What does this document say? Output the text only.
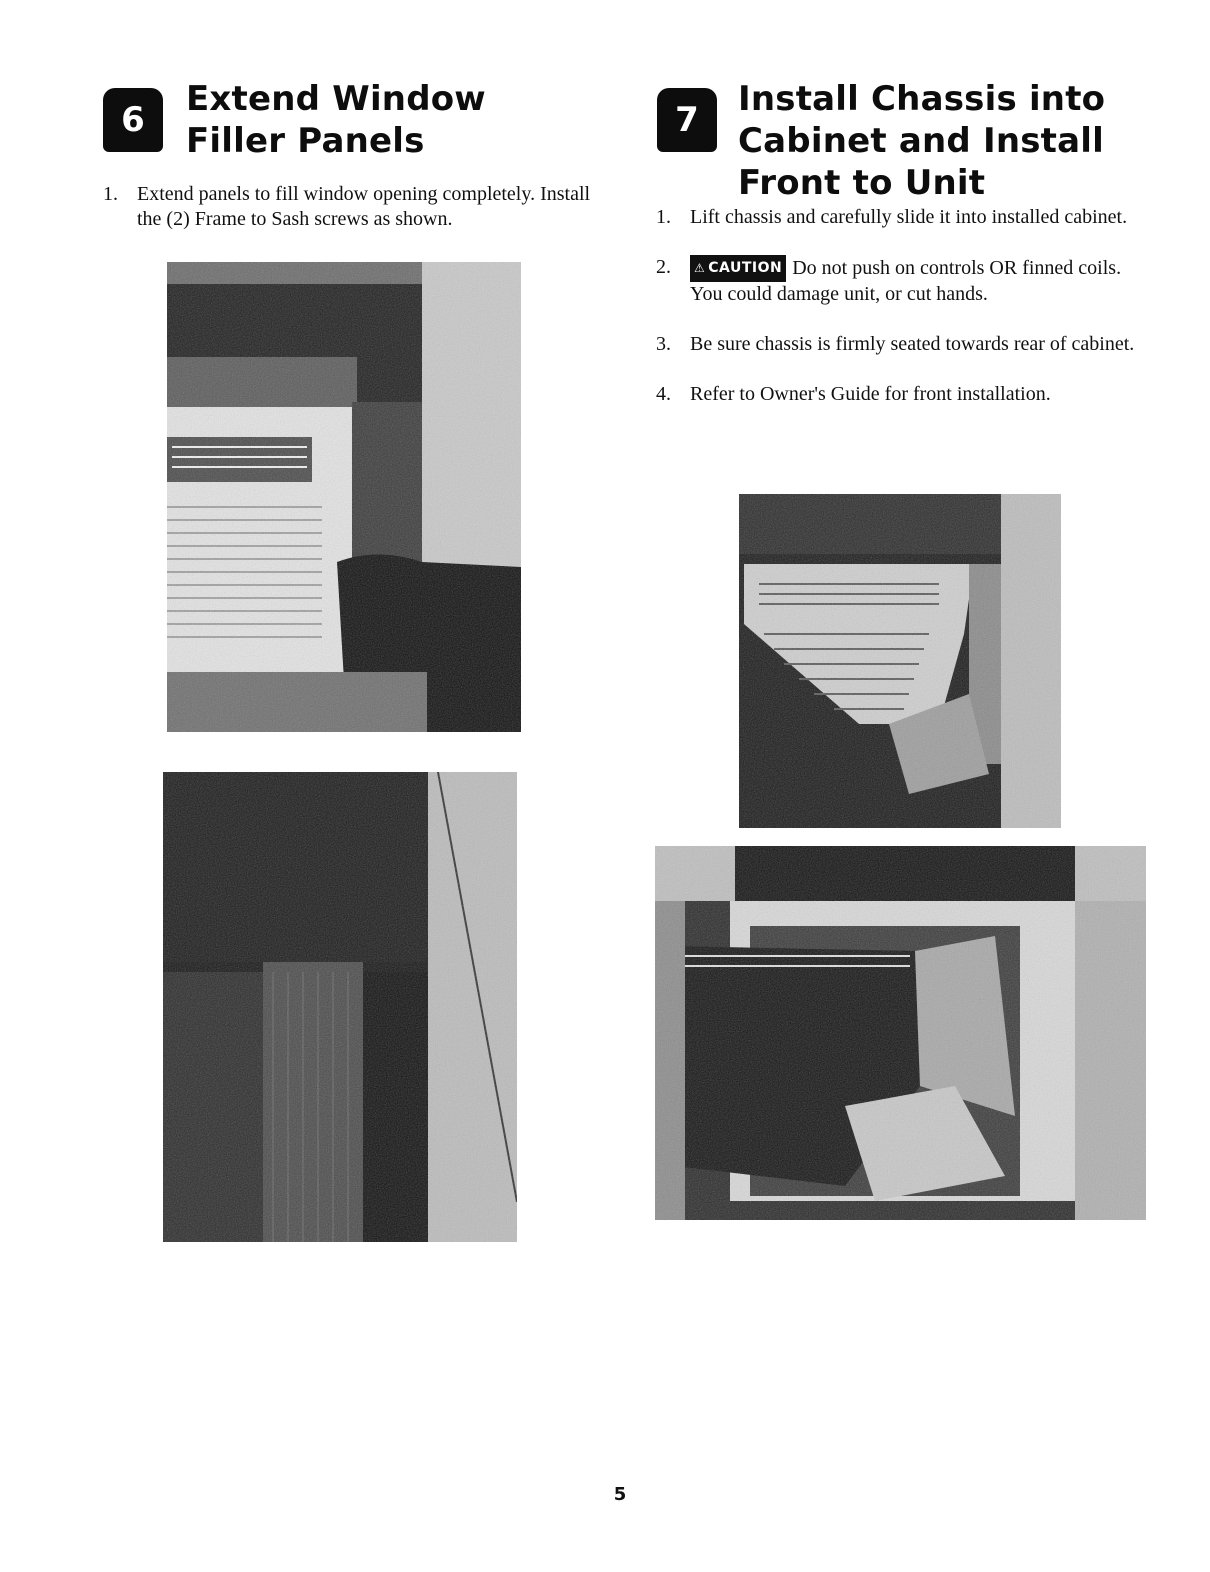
6
Extend Window
Filler Panels
1. Extend panels to fill window opening completely. Install the (2) Frame to Sash screws as shown.
7
Install Chassis into
Cabinet and Install
Front to Unit
1. Lift chassis and carefully slide it into installed cabinet.
2. ⚠ CAUTION Do not push on controls OR finned coils. You could damage unit, or cut hands.
3. Be sure chassis is firmly seated towards rear of cabinet.
4. Refer to Owner's Guide for front installation.
5
